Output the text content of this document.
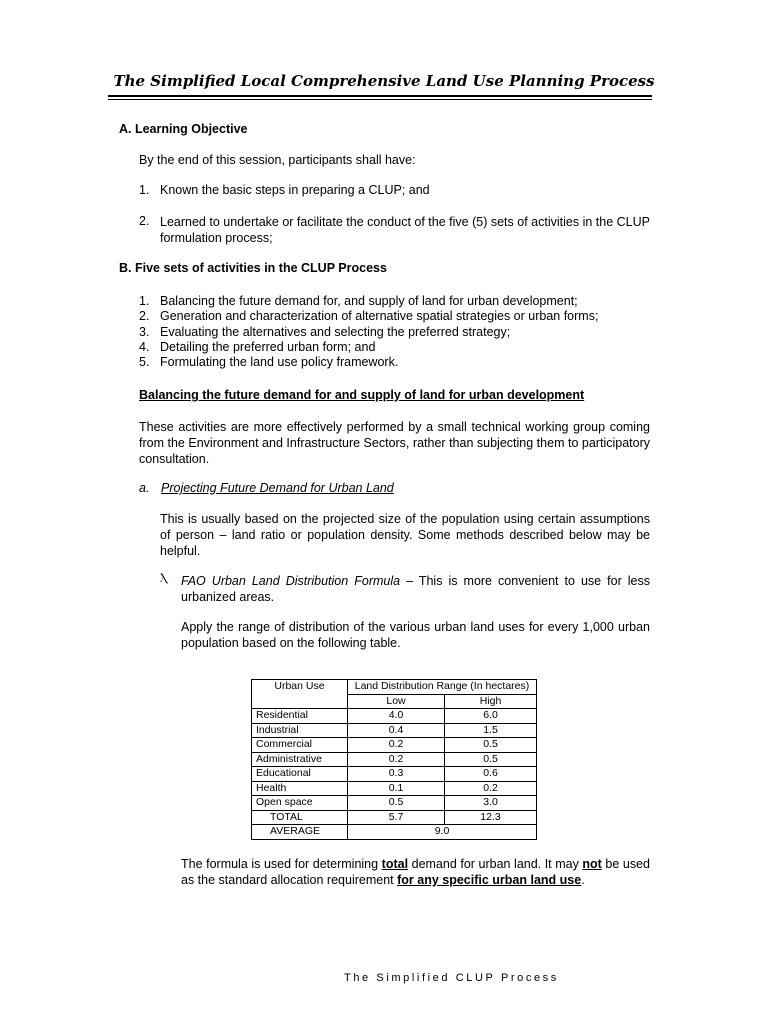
The Simplified Local Comprehensive Land Use Planning Process
A. Learning Objective
By the end of this session, participants shall have:
1. Known the basic steps in preparing a CLUP; and
2. Learned to undertake or facilitate the conduct of the five (5) sets of activities in the CLUP formulation process;
B. Five sets of activities in the CLUP Process
1. Balancing the future demand for, and supply of land for urban development;
2. Generation and characterization of alternative spatial strategies or urban forms;
3. Evaluating the alternatives and selecting the preferred strategy;
4. Detailing the preferred urban form; and
5. Formulating the land use policy framework.
Balancing the future demand for and supply of land for urban development
These activities are more effectively performed by a small technical working group coming from the Environment and Infrastructure Sectors, rather than subjecting them to participatory consultation.
a. Projecting Future Demand for Urban Land
This is usually based on the projected size of the population using certain assumptions of person – land ratio or population density. Some methods described below may be helpful.
Ⲗ FAO Urban Land Distribution Formula – This is more convenient to use for less urbanized areas.
Apply the range of distribution of the various urban land uses for every 1,000 urban population based on the following table.
Urban Use	Land Distribution Range (In hectares)	
	Low	High
Residential	4.0	6.0
Industrial	0.4	1.5
Commercial	0.2	0.5
Administrative	0.2	0.5
Educational	0.3	0.6
Health	0.1	0.2
Open space	0.5	3.0
TOTAL	5.7	12.3
AVERAGE	9.0	
The formula is used for determining total demand for urban land. It may not be used as the standard allocation requirement for any specific urban land use.
The Simplified CLUP Process
